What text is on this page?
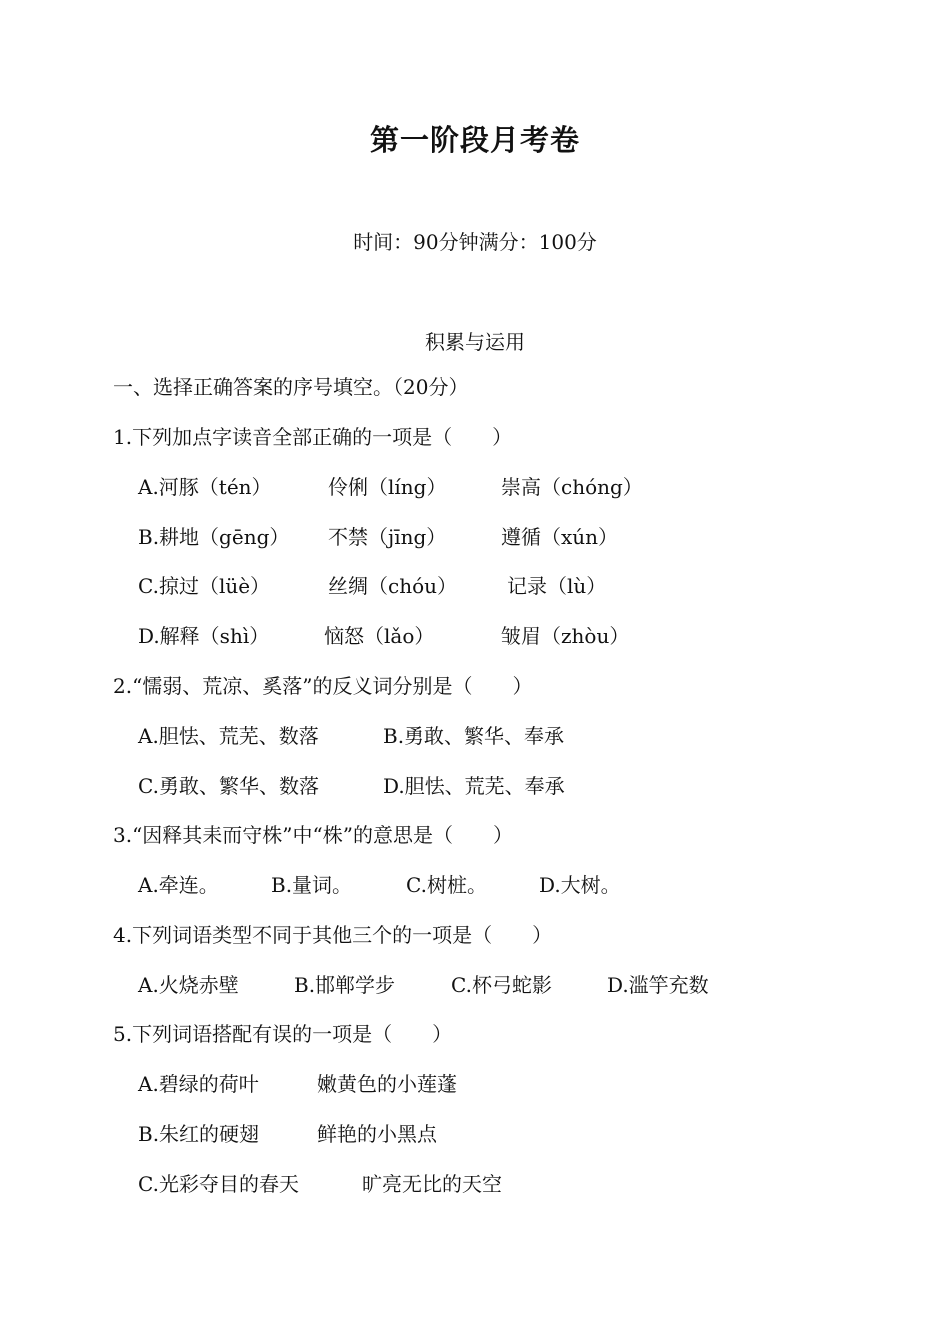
第一阶段月考卷
时间：90分钟满分：100分
积累与运用
一、选择正确答案的序号填空。（20分）
1.下列加点字读音全部正确的一项是（　　）
A.河豚（tén）	伶俐（líng）	崇高（chóng）
B.耕地（gēng） 不禁（jīng）	遵循（xún）
C.掠过（lüè）	丝绸（chóu） 记录（lù）
D.解释（shì）	恼怒（lǎo）	皱眉（zhòu）
2.“懦弱、荒凉、奚落”的反义词分别是（　　）
A.胆怯、荒芜、数落	B.勇敢、繁华、奉承
C.勇敢、繁华、数落	D.胆怯、荒芜、奉承
3.“因释其耒而守株”中“株”的意思是（　　）
A.牵连。	B.量词。	C.树桩。	D.大树。
4.下列词语类型不同于其他三个的一项是（　　）
A.火烧赤壁	B.邯郸学步	C.杯弓蛇影	D.滥竽充数
5.下列词语搭配有误的一项是（　　）
A.碧绿的荷叶	嫩黄色的小莲蓬
B.朱红的硬翅	鲜艳的小黑点
C.光彩夺目的春天	旷亮无比的天空
